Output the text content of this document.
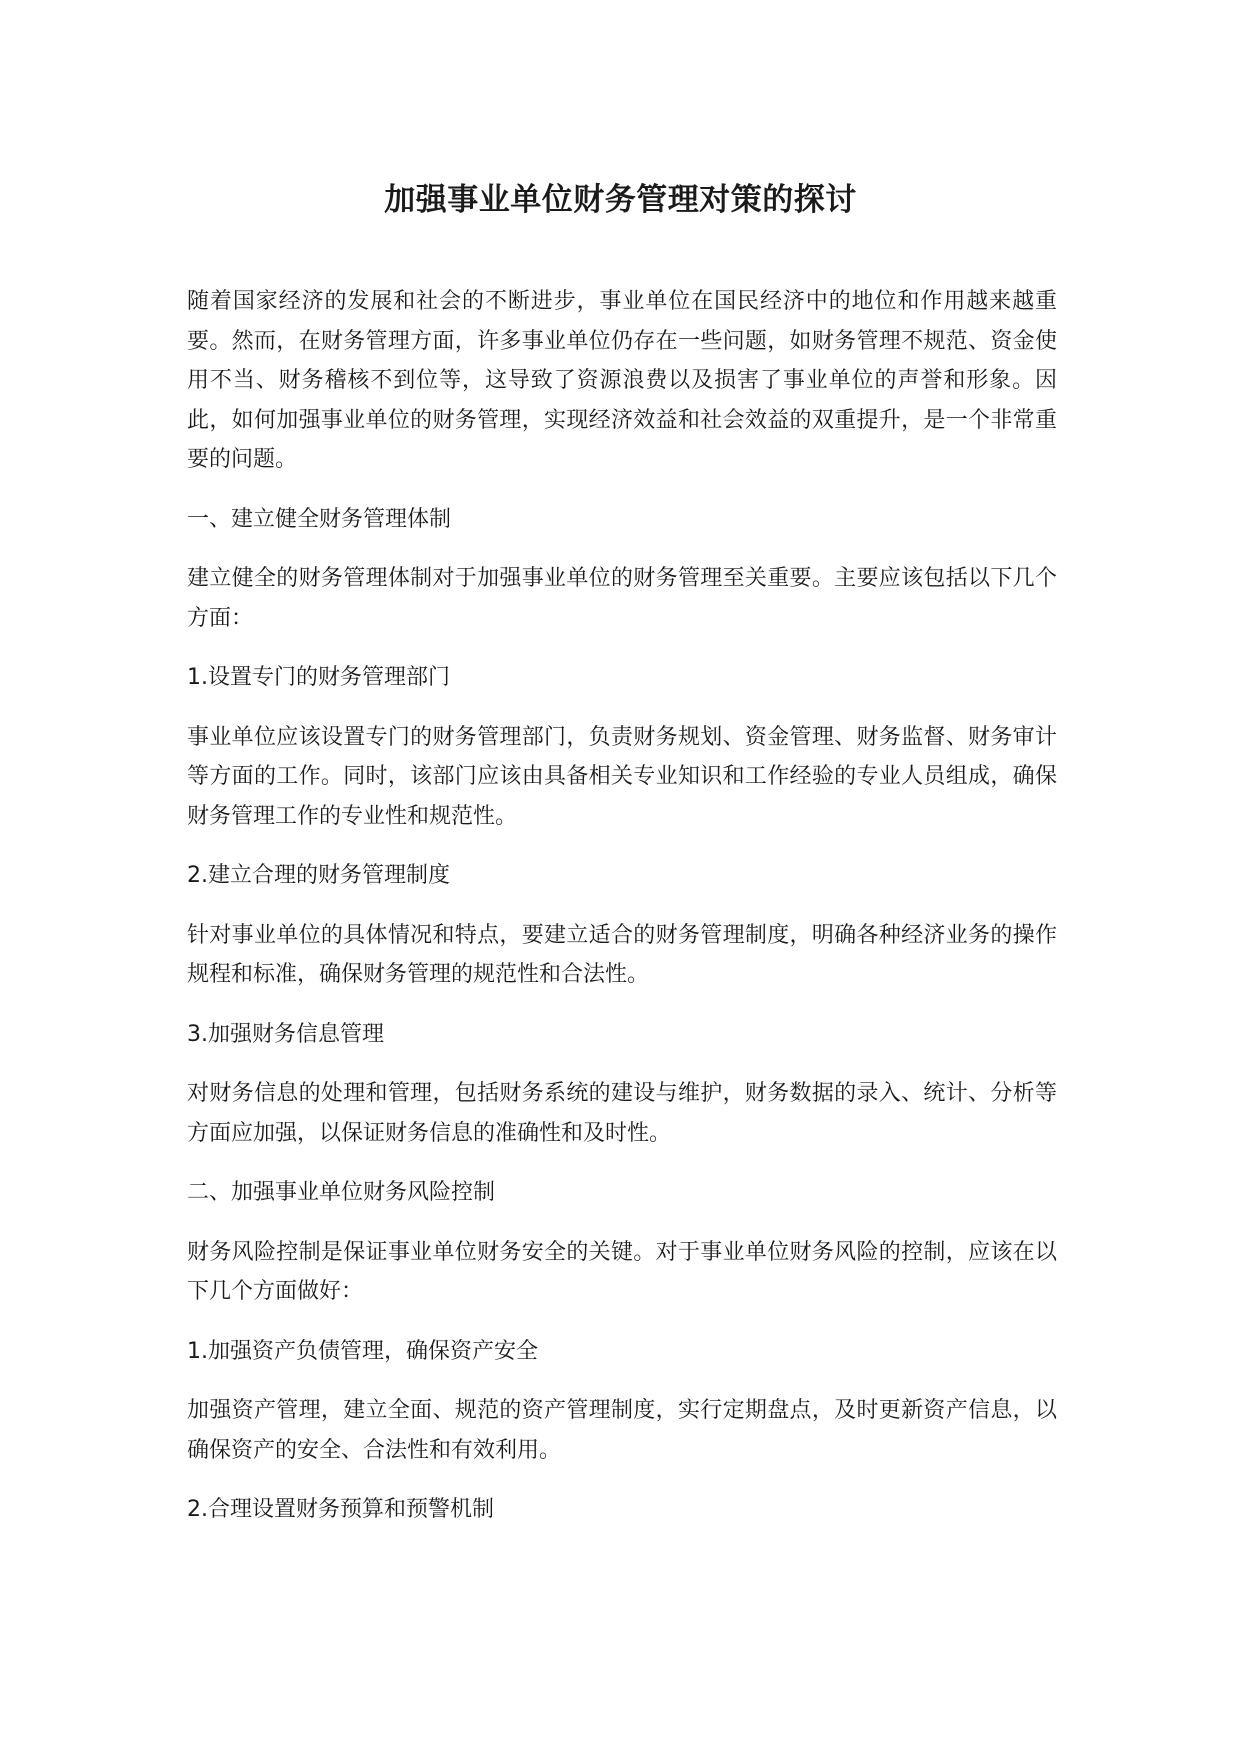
加强事业单位财务管理对策的探讨

随着国家经济的发展和社会的不断进步，事业单位在国民经济中的地位和作用越来越重要。然而，在财务管理方面，许多事业单位仍存在一些问题，如财务管理不规范、资金使用不当、财务稽核不到位等，这导致了资源浪费以及损害了事业单位的声誉和形象。因此，如何加强事业单位的财务管理，实现经济效益和社会效益的双重提升，是一个非常重要的问题。

一、建立健全财务管理体制

建立健全的财务管理体制对于加强事业单位的财务管理至关重要。主要应该包括以下几个方面：

1.设置专门的财务管理部门

事业单位应该设置专门的财务管理部门，负责财务规划、资金管理、财务监督、财务审计等方面的工作。同时，该部门应该由具备相关专业知识和工作经验的专业人员组成，确保财务管理工作的专业性和规范性。

2.建立合理的财务管理制度

针对事业单位的具体情况和特点，要建立适合的财务管理制度，明确各种经济业务的操作规程和标准，确保财务管理的规范性和合法性。

3.加强财务信息管理

对财务信息的处理和管理，包括财务系统的建设与维护，财务数据的录入、统计、分析等方面应加强，以保证财务信息的准确性和及时性。

二、加强事业单位财务风险控制

财务风险控制是保证事业单位财务安全的关键。对于事业单位财务风险的控制，应该在以下几个方面做好：

1.加强资产负债管理，确保资产安全

加强资产管理，建立全面、规范的资产管理制度，实行定期盘点，及时更新资产信息，以确保资产的安全、合法性和有效利用。

2.合理设置财务预算和预警机制
